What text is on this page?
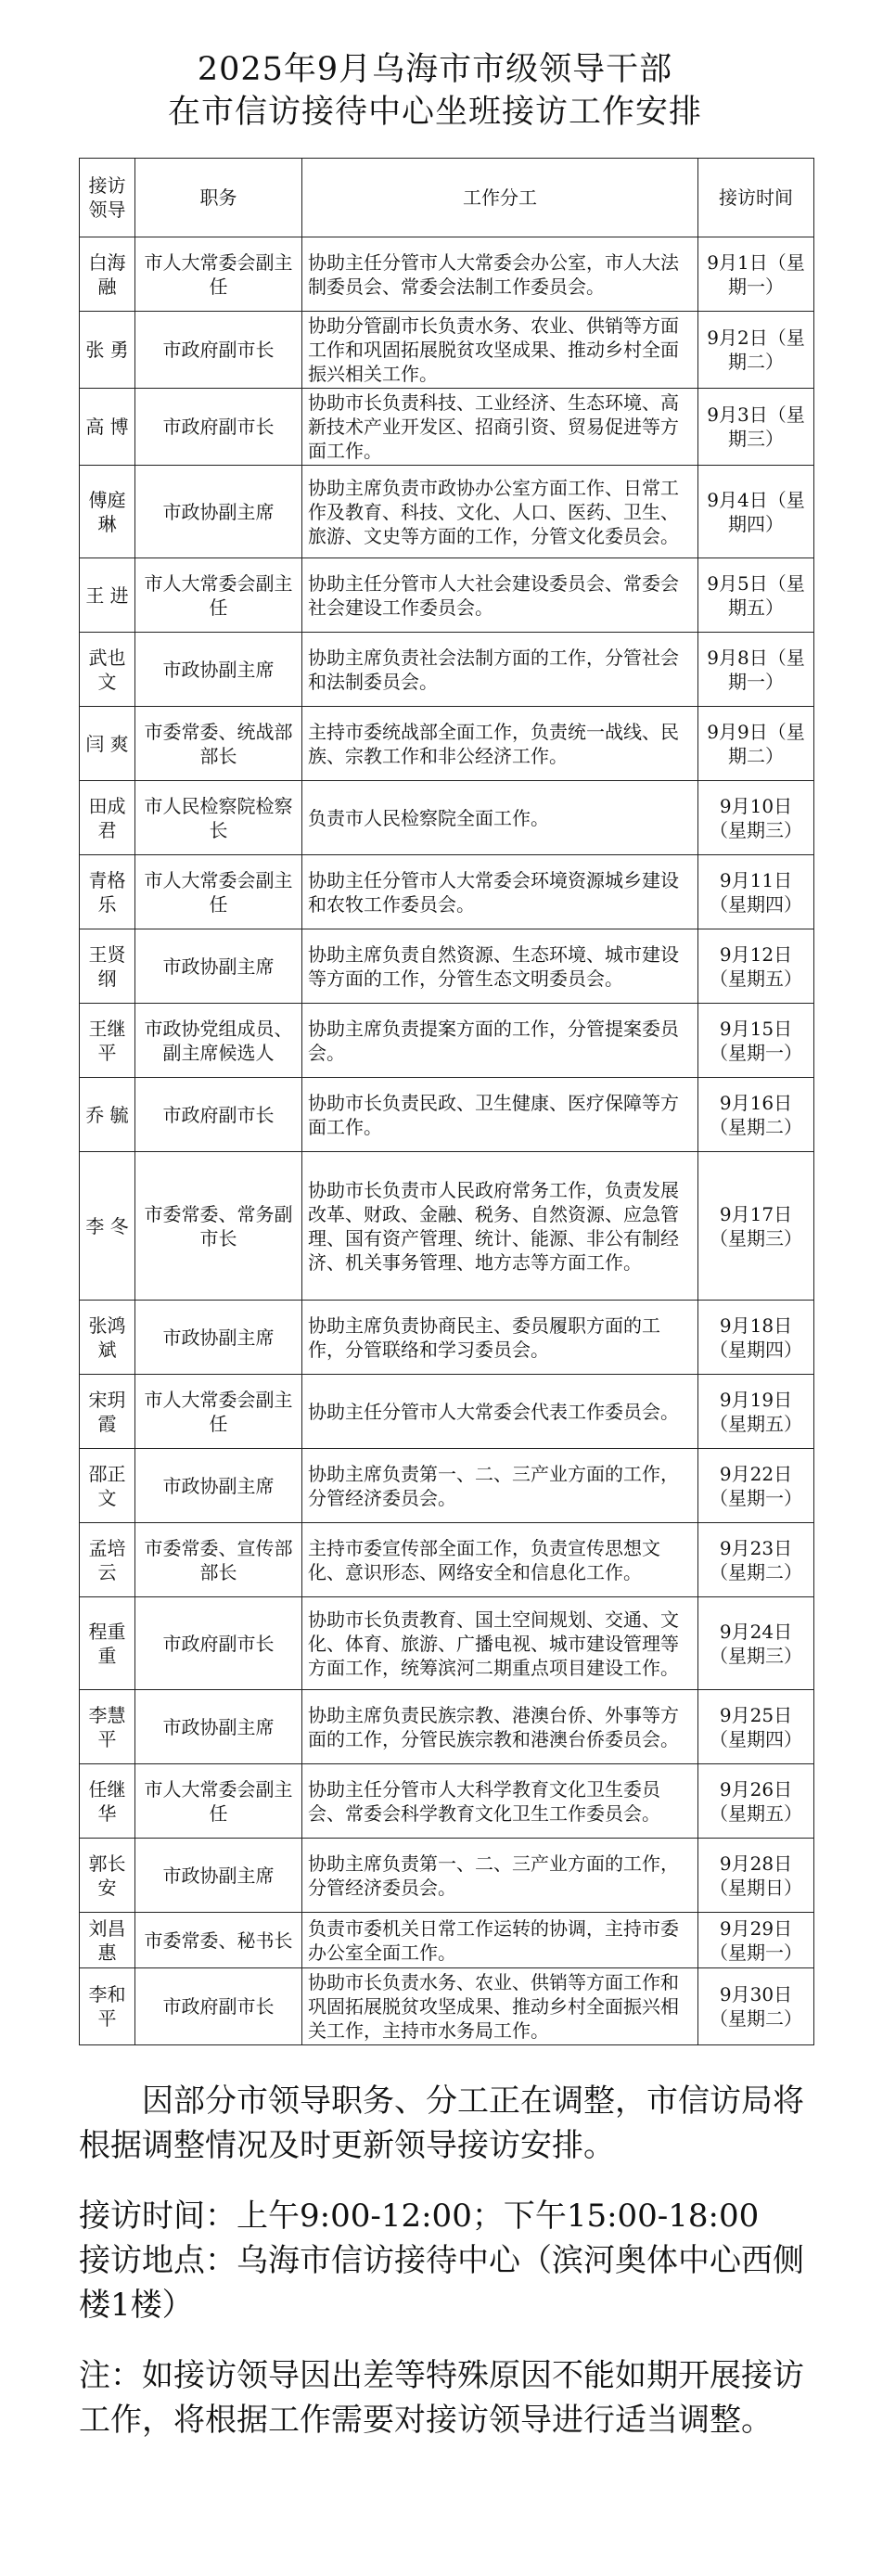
2025年9月乌海市市级领导干部
在市信访接待中心坐班接访工作安排
接访领导	职务	工作分工	接访时间
白海融	市人大常委会副主任	协助主任分管市人大常委会办公室，市人大法制委员会、常委会法制工作委员会。	9月1日（星期一）
张 勇	市政府副市长	协助分管副市长负责水务、农业、供销等方面工作和巩固拓展脱贫攻坚成果、推动乡村全面振兴相关工作。	9月2日（星期二）
高 博	市政府副市长	协助市长负责科技、工业经济、生态环境、高新技术产业开发区、招商引资、贸易促进等方面工作。	9月3日（星期三）
傅庭琳	市政协副主席	协助主席负责市政协办公室方面工作、日常工作及教育、科技、文化、人口、医药、卫生、旅游、文史等方面的工作，分管文化委员会。	9月4日（星期四）
王 进	市人大常委会副主任	协助主任分管市人大社会建设委员会、常委会社会建设工作委员会。	9月5日（星期五）
武也文	市政协副主席	协助主席负责社会法制方面的工作，分管社会和法制委员会。	9月8日（星期一）
闫 爽	市委常委、统战部部长	主持市委统战部全面工作，负责统一战线、民族、宗教工作和非公经济工作。	9月9日（星期二）
田成君	市人民检察院检察长	负责市人民检察院全面工作。	9月10日（星期三）
青格乐	市人大常委会副主任	协助主任分管市人大常委会环境资源城乡建设和农牧工作委员会。	9月11日（星期四）
王贤纲	市政协副主席	协助主席负责自然资源、生态环境、城市建设等方面的工作，分管生态文明委员会。	9月12日（星期五）
王继平	市政协党组成员、副主席候选人	协助主席负责提案方面的工作，分管提案委员会。	9月15日（星期一）
乔 毓	市政府副市长	协助市长负责民政、卫生健康、医疗保障等方面工作。	9月16日（星期二）
李 冬	市委常委、常务副市长	协助市长负责市人民政府常务工作，负责发展改革、财政、金融、税务、自然资源、应急管理、国有资产管理、统计、能源、非公有制经济、机关事务管理、地方志等方面工作。	9月17日（星期三）
张鸿斌	市政协副主席	协助主席负责协商民主、委员履职方面的工作，分管联络和学习委员会。	9月18日（星期四）
宋玥霞	市人大常委会副主任	协助主任分管市人大常委会代表工作委员会。	9月19日（星期五）
邵正文	市政协副主席	协助主席负责第一、二、三产业方面的工作，分管经济委员会。	9月22日（星期一）
孟培云	市委常委、宣传部部长	主持市委宣传部全面工作，负责宣传思想文化、意识形态、网络安全和信息化工作。	9月23日（星期二）
程重重	市政府副市长	协助市长负责教育、国土空间规划、交通、文化、体育、旅游、广播电视、城市建设管理等方面工作，统筹滨河二期重点项目建设工作。	9月24日（星期三）
李慧平	市政协副主席	协助主席负责民族宗教、港澳台侨、外事等方面的工作，分管民族宗教和港澳台侨委员会。	9月25日（星期四）
任继华	市人大常委会副主任	协助主任分管市人大科学教育文化卫生委员会、常委会科学教育文化卫生工作委员会。	9月26日（星期五）
郭长安	市政协副主席	协助主席负责第一、二、三产业方面的工作，分管经济委员会。	9月28日（星期日）
刘昌惠	市委常委、秘书长	负责市委机关日常工作运转的协调，主持市委办公室全面工作。	9月29日（星期一）
李和平	市政府副市长	协助市长负责水务、农业、供销等方面工作和巩固拓展脱贫攻坚成果、推动乡村全面振兴相关工作，主持市水务局工作。	9月30日（星期二）

因部分市领导职务、分工正在调整，市信访局将根据调整情况及时更新领导接访安排。

接访时间：上午9:00-12:00；下午15:00-18:00

接访地点：乌海市信访接待中心（滨河奥体中心西侧楼1楼）

注：如接访领导因出差等特殊原因不能如期开展接访工作，将根据工作需要对接访领导进行适当调整。
